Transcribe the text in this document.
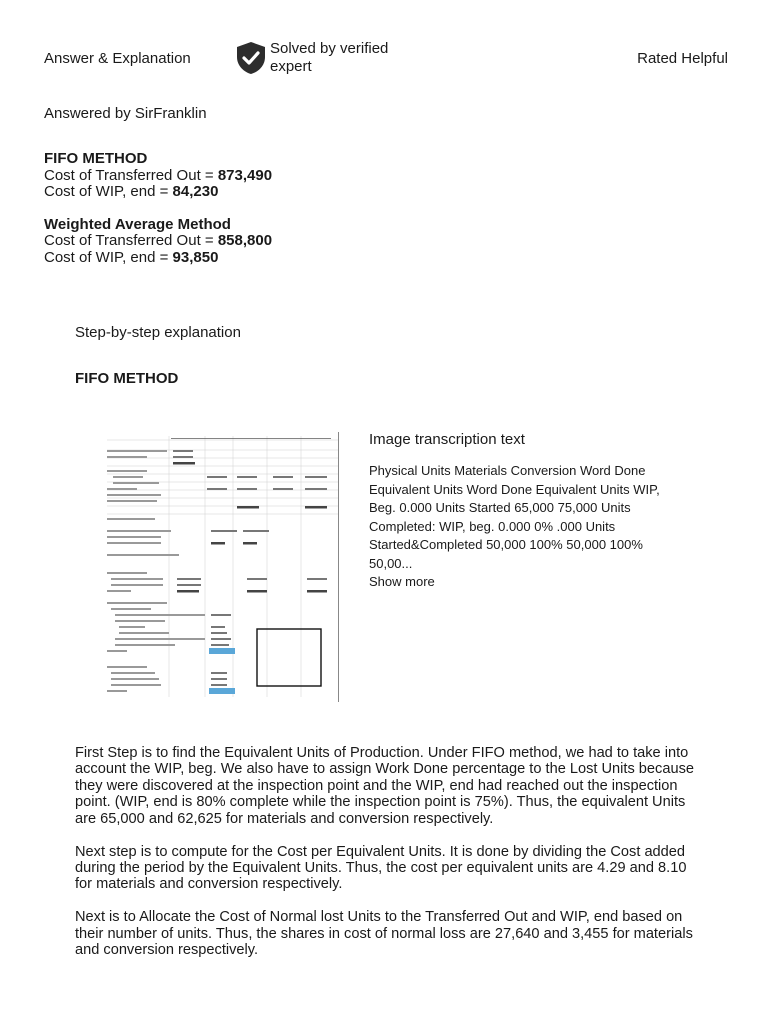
Answer & Explanation
Solved by verified
expert	Rated Helpful
Answered by SirFranklin
FIFO METHOD
Cost of Transferred Out = 873,490
Cost of WIP, end = 84,230
Weighted Average Method
Cost of Transferred Out = 858,800
Cost of WIP, end = 93,850
Step-by-step explanation
FIFO METHOD
Image transcription text
Physical Units Materials Conversion Word Done Equivalent Units Word Done Equivalent Units WIP, Beg. 0.000 Units Started 65,000 75,000 Units Completed: WIP, beg. 0.000 0% .000 Units Started&Completed 50,000 100% 50,000 100% 50,00...
Show more

First Step is to find the Equivalent Units of Production. Under FIFO method, we had to take into account the WIP, beg. We also have to assign Work Done percentage to the Lost Units because they were discovered at the inspection point and the WIP, end had reached out the inspection point. (WIP, end is 80% complete while the inspection point is 75%). Thus, the equivalent Units are 65,000 and 62,625 for materials and conversion respectively.

Next step is to compute for the Cost per Equivalent Units. It is done by dividing the Cost added during the period by the Equivalent Units. Thus, the cost per equivalent units are 4.29 and 8.10 for materials and conversion respectively.

Next is to Allocate the Cost of Normal lost Units to the Transferred Out and WIP, end based on their number of units. Thus, the shares in cost of normal loss are 27,640 and 3,455 for materials and conversion respectively.
